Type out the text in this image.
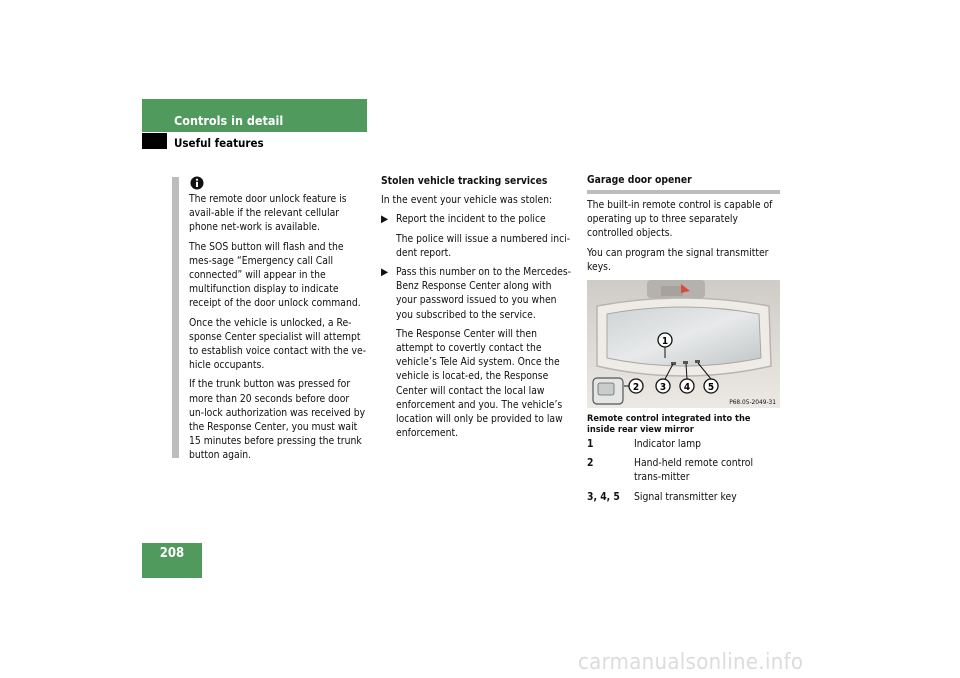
Controls in detail
Useful features

The remote door unlock feature is avail-able if the relevant cellular phone net-work is available.

The SOS button will flash and the mes-sage “Emergency call Call connected” will appear in the multifunction display to indicate receipt of the door unlock command.

Once the vehicle is unlocked, a Re-sponse Center specialist will attempt to establish voice contact with the ve-hicle occupants.

If the trunk button was pressed for more than 20 seconds before door un-lock authorization was received by the Response Center, you must wait 15 minutes before pressing the trunk button again.

Stolen vehicle tracking services

In the event your vehicle was stolen:

▶ Report the incident to the police

The police will issue a numbered inci-dent report.

▶ Pass this number on to the Mercedes-Benz Response Center along with your password issued to you when you subscribed to the service.

The Response Center will then attempt to covertly contact the vehicle’s Tele Aid system. Once the vehicle is locat-ed, the Response Center will contact the local law enforcement and you. The vehicle’s location will only be provided to law enforcement.

Garage door opener

The built-in remote control is capable of operating up to three separately controlled objects.

You can program the signal transmitter keys.

1
2 3 4 5
P68.05-2049-31
Remote control integrated into the inside rear view mirror
1	Indicator lamp
2	Hand-held remote control trans-mitter
3, 4, 5	Signal transmitter key
208
carmanualsonline.info
